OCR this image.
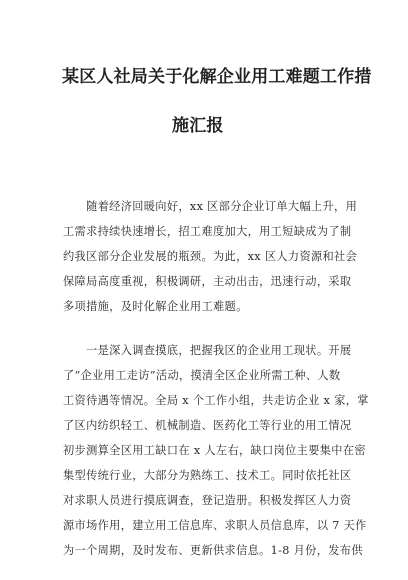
某区人社局关于化解企业用工难题工作措
施汇报
　　随着经济回暖向好，xx 区部分企业订单大幅上升，用
工需求持续快速增长，招工难度加大，用工短缺成为了制
约我区部分企业发展的瓶颈。为此，xx 区人力资源和社会
保障局高度重视，积极调研，主动出击，迅速行动，采取
多项措施，及时化解企业用工难题。
　　一是深入调查摸底，把握我区的企业用工现状。开展
了“企业用工走访”活动，摸清全区企业所需工种、人数
工资待遇等情况。全局 x 个工作小组，共走访企业 x 家，掌
了区内纺织轻工、机械制造、医药化工等行业的用工情况
初步测算全区用工缺口在 x 人左右，缺口岗位主要集中在密
集型传统行业，大部分为熟练工、技术工。同时依托社区
对求职人员进行摸底调查，登记造册。积极发挥区人力资
源市场作用，建立用工信息库、求职人员信息库，以 7 天作
为一个周期，及时发布、更新供求信息。1-8 月份，发布供
